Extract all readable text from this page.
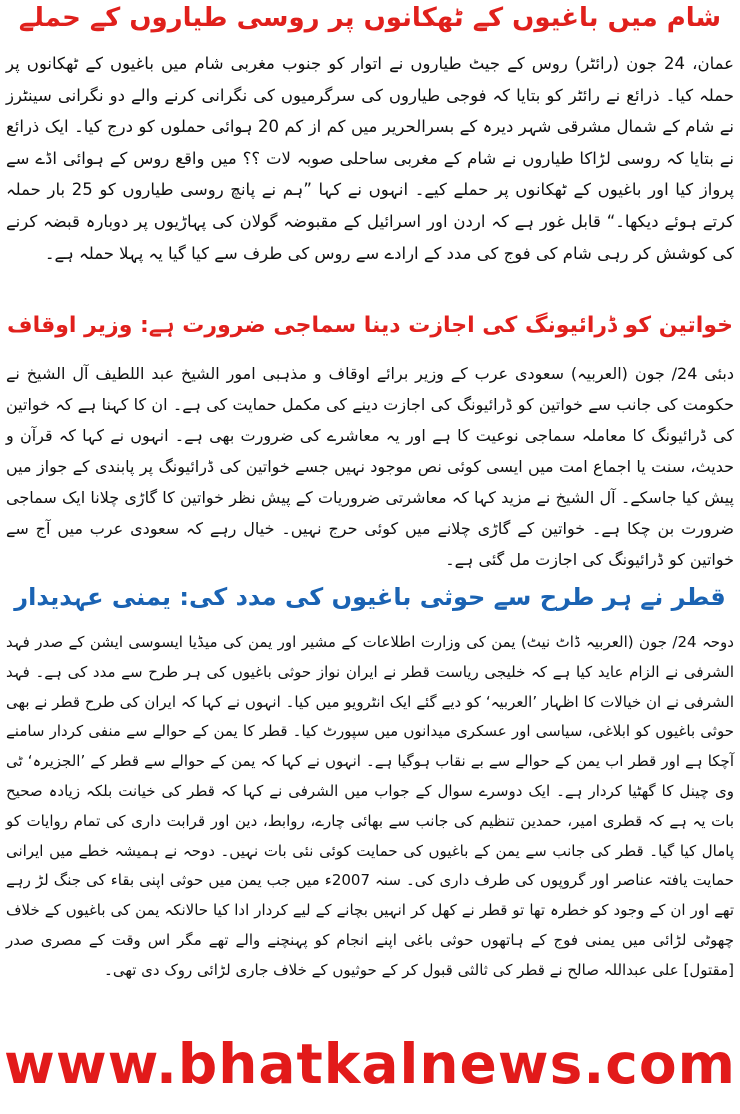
شام میں باغیوں کے ٹھکانوں پر روسی طیاروں کے حملے

عمان، 24 جون (رائٹر) روس کے جیٹ طیاروں نے اتوار کو جنوب مغربی شام میں باغیوں کے ٹھکانوں پر حملہ کیا۔ ذرائع نے رائٹر کو بتایا کہ فوجی طیاروں کی سرگرمیوں کی نگرانی کرنے والے دو نگرانی سینٹرز نے شام کے شمال مشرقی شہر دیرہ کے بسرالحریر میں کم از کم 20 ہوائی حملوں کو درج کیا۔ ایک ذرائع نے بتایا کہ روسی لڑاکا طیاروں نے شام کے مغربی ساحلی صوبہ لات ؟؟ میں واقع روس کے ہوائی اڈے سے پرواز کیا اور باغیوں کے ٹھکانوں پر حملے کیے۔ انہوں نے کہا ”ہم نے پانچ روسی طیاروں کو 25 بار حملہ کرتے ہوئے دیکھا۔“ قابل غور ہے کہ اردن اور اسرائیل کے مقبوضہ گولان کی پہاڑیوں پر دوبارہ قبضہ کرنے کی کوشش کر رہی شام کی فوج کی مدد کے ارادے سے روس کی طرف سے کیا گیا یہ پہلا حملہ ہے۔

خواتین کو ڈرائیونگ کی اجازت دینا سماجی ضرورت ہے: وزیر اوقاف

دبئی 24/ جون (العربیہ) سعودی عرب کے وزیر برائے اوقاف و مذہبی امور الشیخ عبد اللطیف آل الشیخ نے حکومت کی جانب سے خواتین کو ڈرائیونگ کی اجازت دینے کی مکمل حمایت کی ہے۔ ان کا کہنا ہے کہ خواتین کی ڈرائیونگ کا معاملہ سماجی نوعیت کا ہے اور یہ معاشرے کی ضرورت بھی ہے۔ انہوں نے کہا کہ قرآن و حدیث، سنت یا اجماع امت میں ایسی کوئی نص موجود نہیں جسے خواتین کی ڈرائیونگ پر پابندی کے جواز میں پیش کیا جاسکے۔ آل الشیخ نے مزید کہا کہ معاشرتی ضروریات کے پیش نظر خواتین کا گاڑی چلانا ایک سماجی ضرورت بن چکا ہے۔ خواتین کے گاڑی چلانے میں کوئی حرج نہیں۔ خیال رہے کہ سعودی عرب میں آج سے خواتین کو ڈرائیونگ کی اجازت مل گئی ہے۔

قطر نے ہر طرح سے حوثی باغیوں کی مدد کی: یمنی عہدیدار

دوحہ 24/ جون (العربیہ ڈاٹ نیٹ) یمن کی وزارت اطلاعات کے مشیر اور یمن کی میڈیا ایسوسی ایشن کے صدر فہد الشرفی نے الزام عاید کیا ہے کہ خلیجی ریاست قطر نے ایران نواز حوثی باغیوں کی ہر طرح سے مدد کی ہے۔ فہد الشرفی نے ان خیالات کا اظہار ’العربیہ‘ کو دیے گئے ایک انٹرویو میں کیا۔ انہوں نے کہا کہ ایران کی طرح قطر نے بھی حوثی باغیوں کو ابلاغی، سیاسی اور عسکری میدانوں میں سپورٹ کیا۔ قطر کا یمن کے حوالے سے منفی کردار سامنے آچکا ہے اور قطر اب یمن کے حوالے سے بے نقاب ہوگیا ہے۔ انہوں نے کہا کہ یمن کے حوالے سے قطر کے ’الجزیرہ‘ ٹی وی چینل کا گھٹیا کردار ہے۔ ایک دوسرے سوال کے جواب میں الشرفی نے کہا کہ قطر کی خیانت بلکہ زیادہ صحیح بات یہ ہے کہ قطری امیر، حمدین تنظیم کی جانب سے بھائی چارے، روابط، دین اور قرابت داری کی تمام روایات کو پامال کیا گیا۔ قطر کی جانب سے یمن کے باغیوں کی حمایت کوئی نئی بات نہیں۔ دوحہ نے ہمیشہ خطے میں ایرانی حمایت یافتہ عناصر اور گروپوں کی طرف داری کی۔ سنہ 2007ء میں جب یمن میں حوثی اپنی بقاء کی جنگ لڑ رہے تھے اور ان کے وجود کو خطرہ تھا تو قطر نے کھل کر انہیں بچانے کے لیے کردار ادا کیا حالانکہ یمن کی باغیوں کے خلاف چھوٹی لڑائی میں یمنی فوج کے ہاتھوں حوثی باغی اپنے انجام کو پہنچنے والے تھے مگر اس وقت کے مصری صدر [مقتول] علی عبداللہ صالح نے قطر کی ثالثی قبول کر کے حوثیوں کے خلاف جاری لڑائی روک دی تھی۔

www.bhatkalnews.com
